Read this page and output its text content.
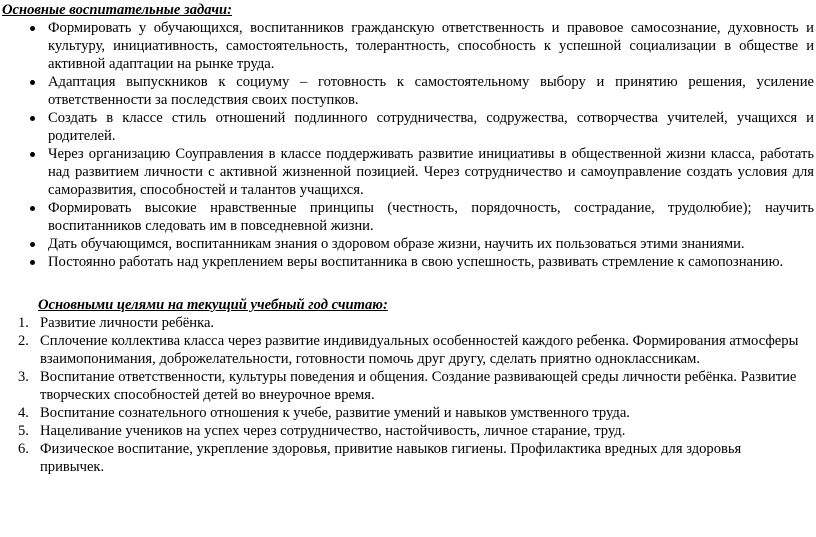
Основные воспитательные задачи:
Формировать у обучающихся, воспитанников гражданскую ответственность и правовое самосознание, духовность и культуру, инициативность, самостоятельность, толерантность, способность к успешной социализации в обществе и активной адаптации на рынке труда.
Адаптация выпускников к социуму – готовность к самостоятельному выбору и принятию решения, усиление ответственности за последствия своих поступков.
Создать в классе стиль отношений подлинного сотрудничества, содружества, сотворчества учителей, учащихся и родителей.
Через организацию Соуправления в классе поддерживать развитие инициативы в общественной жизни класса, работать над развитием личности с активной жизненной позицией. Через сотрудничество и самоуправление создать условия для саморазвития, способностей и талантов учащихся.
Формировать высокие нравственные принципы (честность, порядочность, сострадание, трудолюбие); научить воспитанников следовать им в повседневной жизни.
Дать обучающимся, воспитанникам знания о здоровом образе жизни, научить их пользоваться этими знаниями.
Постоянно работать над укреплением веры воспитанника в свою успешность, развивать стремление к самопознанию.
Основными целями на текущий учебный год считаю:
1. Развитие личности ребёнка.
2. Сплочение коллектива класса через развитие индивидуальных особенностей каждого ребенка. Формирования атмосферы взаимопонимания, доброжелательности, готовности помочь друг другу, сделать приятно одноклассникам.
3. Воспитание ответственности, культуры поведения и общения. Создание развивающей среды личности ребёнка. Развитие творческих способностей детей во внеурочное время.
4. Воспитание сознательного отношения к учебе, развитие умений и навыков умственного труда.
5. Нацеливание учеников на успех через сотрудничество, настойчивость, личное старание, труд.
6. Физическое воспитание, укрепление здоровья, привитие навыков гигиены. Профилактика вредных для здоровья привычек.
